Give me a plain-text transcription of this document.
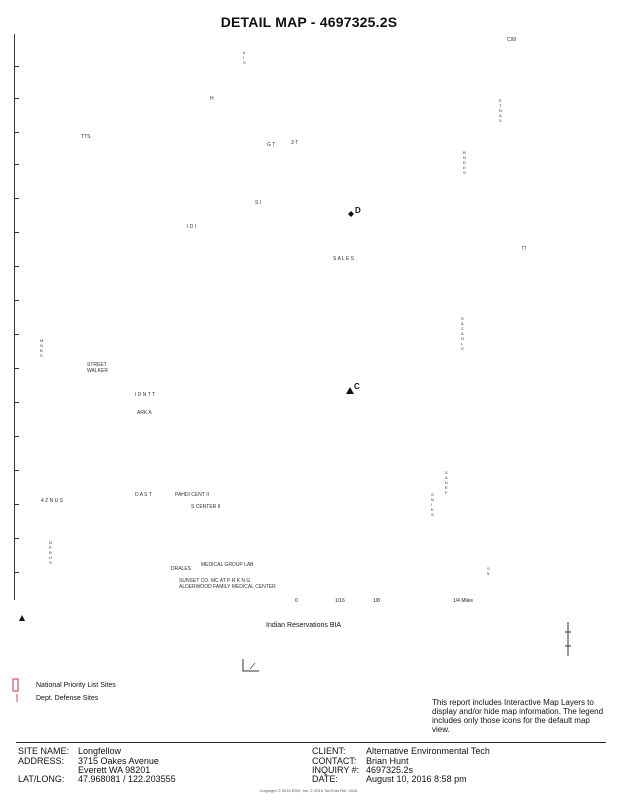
DETAIL MAP - 4697325.2S
C99
H
TTS
G T	3 T
S I
I D I
S A L E S
77
STREET
WALKER
I D N T T
ARK A
4 Z N U S
D A S T	PAHDI CENT II
S CENTER II
DRALES
MEDICAL GROUP LAB
SUNSET CO. MC AT P R K N G
ALDERWOOD FAMILY MEDICAL CENTER
IIIS
ETNAS
BNDES
SAZAOLS
MNBS
SADEF
SNIKS
NPBHS
S5
D
C
0	1/16	1/8	1/4 Miles
Indian Reservations BIA
National Priority List Sites
Dept. Defense Sites	This report includes Interactive Map Layers to display and/or hide map information. The legend includes only those icons for the default map view.
SITE NAME: Longfellow
ADDRESS: 3715 Oakes Avenue
Everett WA 98201
LAT/LONG: 47.968081 / 122.203555
CLIENT: Alternative Environmental Tech
CONTACT: Brian Hunt
INQUIRY #: 4697325.2s
DATE:	August 10, 2016 8:58 pm
Copyright © 2016 EDR, Inc. © 2015 TomTom Rel. 2015.
